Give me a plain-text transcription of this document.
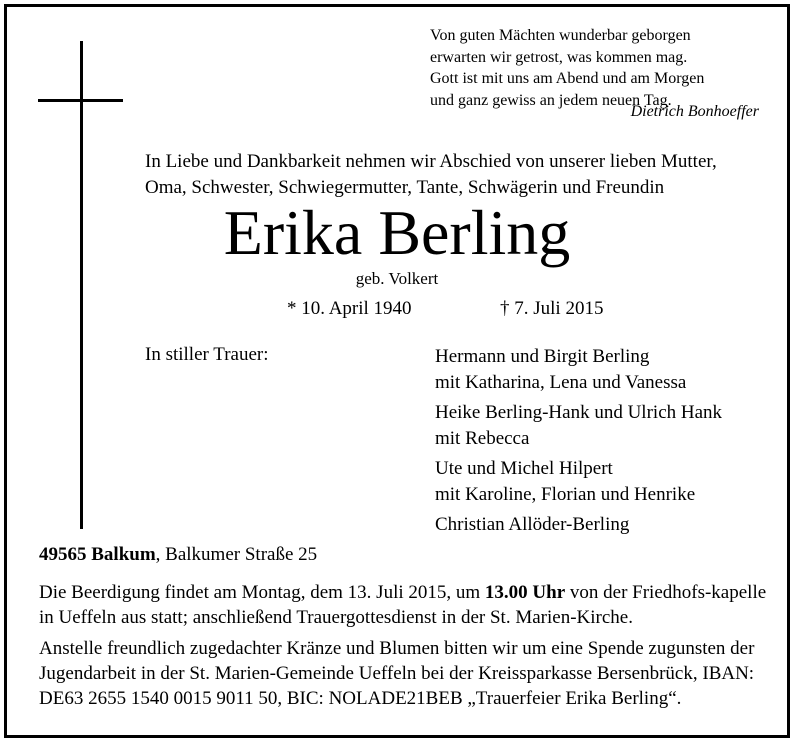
Von guten Mächten wunderbar geborgen
erwarten wir getrost, was kommen mag.
Gott ist mit uns am Abend und am Morgen
und ganz gewiss an jedem neuen Tag.
Dietrich Bonhoeffer
In Liebe und Dankbarkeit nehmen wir Abschied von unserer lieben Mutter,
Oma, Schwester, Schwiegermutter, Tante, Schwägerin und Freundin
Erika Berling
geb. Volkert
* 10. April 1940	† 7. Juli 2015
In stiller Trauer:	Hermann und Birgit Berling
mit Katharina, Lena und Vanessa
Heike Berling-Hank und Ulrich Hank
mit Rebecca
Ute und Michel Hilpert
mit Karoline, Florian und Henrike
Christian Allöder-Berling
49565 Balkum, Balkumer Straße 25
Die Beerdigung findet am Montag, dem 13. Juli 2015, um 13.00 Uhr von der Friedhofs-kapelle in Ueffeln aus statt; anschließend Trauergottesdienst in der St. Marien-Kirche.
Anstelle freundlich zugedachter Kränze und Blumen bitten wir um eine Spende zugunsten der Jugendarbeit in der St. Marien-Gemeinde Ueffeln bei der Kreissparkasse Bersenbrück, IBAN: DE63 2655 1540 0015 9011 50, BIC: NOLADE21BEB „Trauerfeier Erika Berling“.
